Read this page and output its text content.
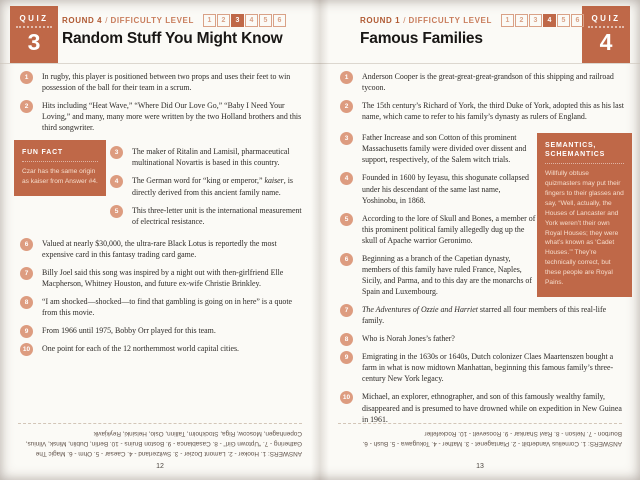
QUIZ
3
ROUND 4 / DIFFICULTY LEVEL	1	2	3	4	5	6
Random Stuff You Might Know
1	In rugby, this player is positioned between two props and uses their feet to win possession of the ball for their team in a scrum.
2	Hits including “Heat Wave,” “Where Did Our Love Go,” “Baby I Need Your Loving,” and many, many more were written by the two Holland brothers and this third songwriter.
3	The maker of Ritalin and Lamisil, pharmaceutical multinational Novartis is based in this country.
4	The German word for “king or emperor,” kaiser, is directly derived from this ancient family name.
5	This three-letter unit is the international measurement of electrical resistance.
6	Valued at nearly $30,000, the ultra-rare Black Lotus is reportedly the most expensive card in this fantasy trading card game.
7	Billy Joel said this song was inspired by a night out with then-girlfriend Elle Macpherson, Whitney Houston, and future ex-wife Christie Brinkley.
8	“I am shocked—shocked—to find that gambling is going on in here” is a quote from this movie.
9	From 1966 until 1975, Bobby Orr played for this team.
10	One point for each of the 12 northernmost world capital cities.
FUN FACT
Czar has the same origin as kaiser from Answer #4.
ANSWERS: 1. Hooker - 2. Lamont Dozier - 3. Switzerland - 4. Caesar - 5. Ohm - 6. Magic The Gathering - 7. “Uptown Girl” - 8. Casablanca - 9. Boston Bruins - 10. Berlin, Dublin, Minsk, Vilnius, Copenhagen, Moscow, Riga, Stockholm, Tallinn, Oslo, Helsinki, Reykjavik
12
QUIZ
4
ROUND 1 / DIFFICULTY LEVEL	1	2	3	4	5	6
Famous Families
1	Anderson Cooper is the great-great-great-grandson of this shipping and railroad tycoon.
2	The 15th century’s Richard of York, the third Duke of York, adopted this as his last name, which came to refer to his family’s dynasty as rulers of England.
3	Father Increase and son Cotton of this prominent Massachusetts family were divided over dissent and support, respectively, of the Salem witch trials.
4	Founded in 1600 by Ieyasu, this shogunate collapsed under his descendant of the same last name, Yoshinobu, in 1868.
5	According to the lore of Skull and Bones, a member of this prominent political family allegedly dug up the skull of Apache warrior Geronimo.
6	Beginning as a branch of the Capetian dynasty, members of this family have ruled France, Naples, Sicily, and Parma, and to this day are the monarchs of Spain and Luxembourg.
7	The Adventures of Ozzie and Harriet starred all four members of this real-life family.
8	Who is Norah Jones’s father?
9	Emigrating in the 1630s or 1640s, Dutch colonizer Claes Maartenszen bought a farm in what is now midtown Manhattan, beginning this famous family’s three-century New York legacy.
10	Michael, an explorer, ethnographer, and son of this famously wealthy family, disappeared and is presumed to have drowned while on expedition in New Guinea in 1961.
SEMANTICS, SCHEMANTICS
Willfully obtuse quizmasters may put their fingers to their glasses and say, “Well, actually, the Houses of Lancaster and York weren’t their own Royal Houses; they were what’s known as ‘Cadet Houses.’” They’re technically correct, but these people are Royal Pains.
ANSWERS: 1. Cornelius Vanderbilt - 2. Plantagenet - 3. Mather - 4. Tokugawa - 5. Bush - 6. Bourbon - 7. Nelson - 8. Ravi Shankar - 9. Roosevelt - 10. Rockefeller
13
